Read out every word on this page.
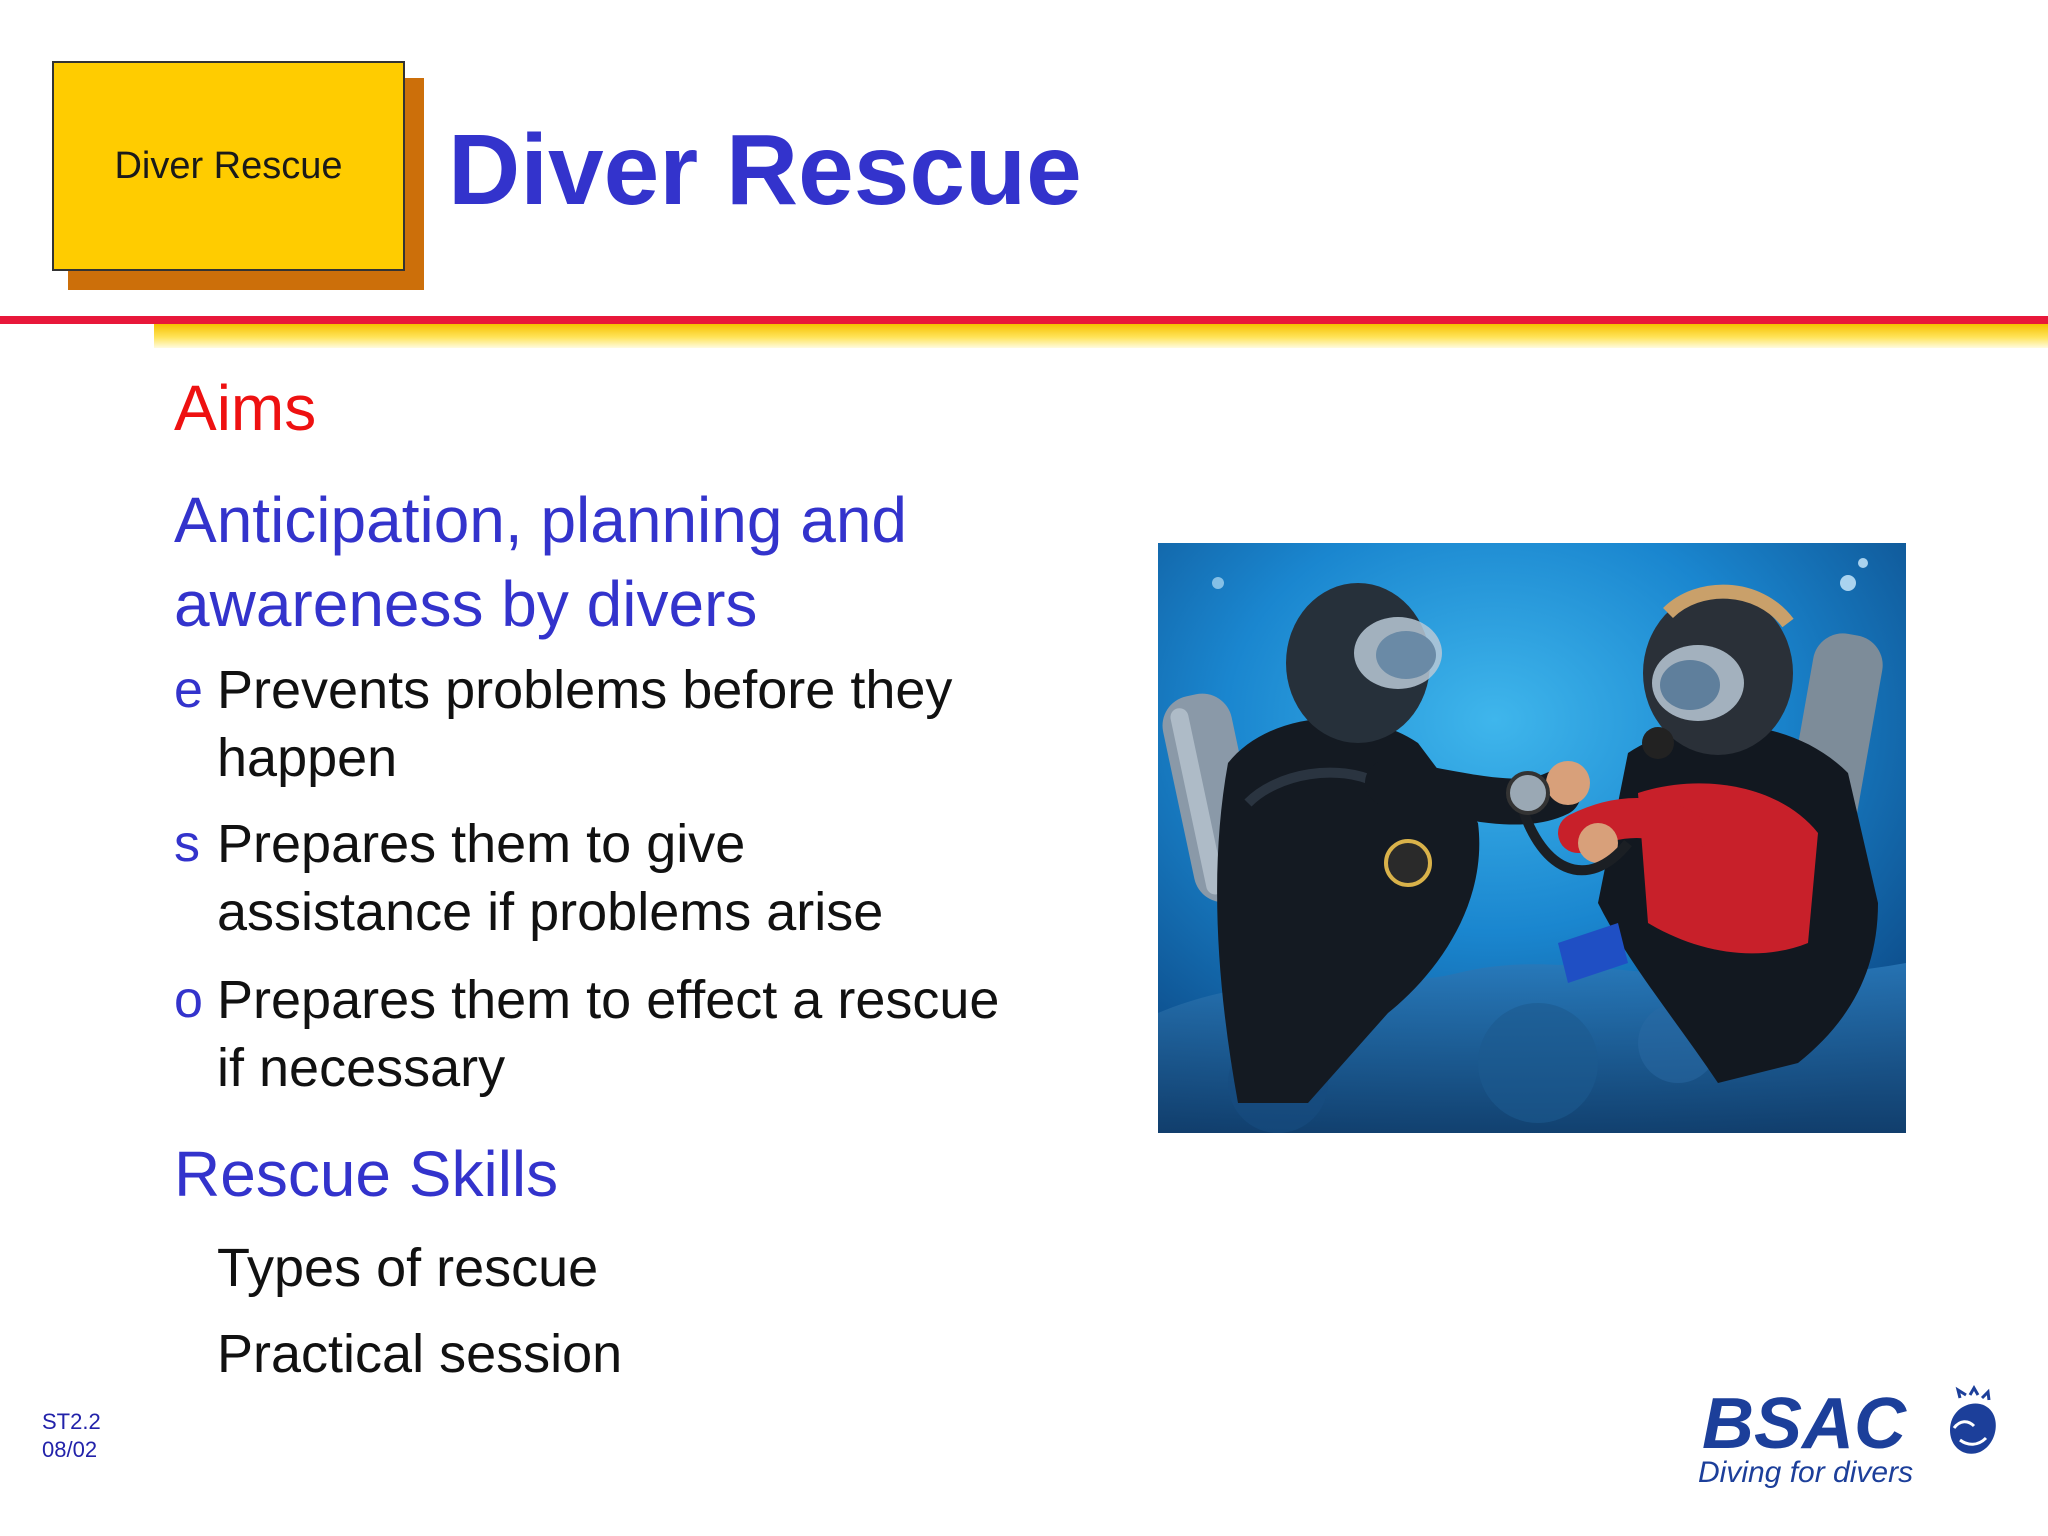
Diver Rescue Diver Rescue
Aims
Anticipation, planning and
awareness by divers
e Prevents problems before they
happen
s Prepares them to give
assistance if problems arise
o Prepares them to effect a rescue
if necessary
Rescue Skills
Types of rescue
Practical session
ST2.2
08/02	BSAC
Diving for divers
